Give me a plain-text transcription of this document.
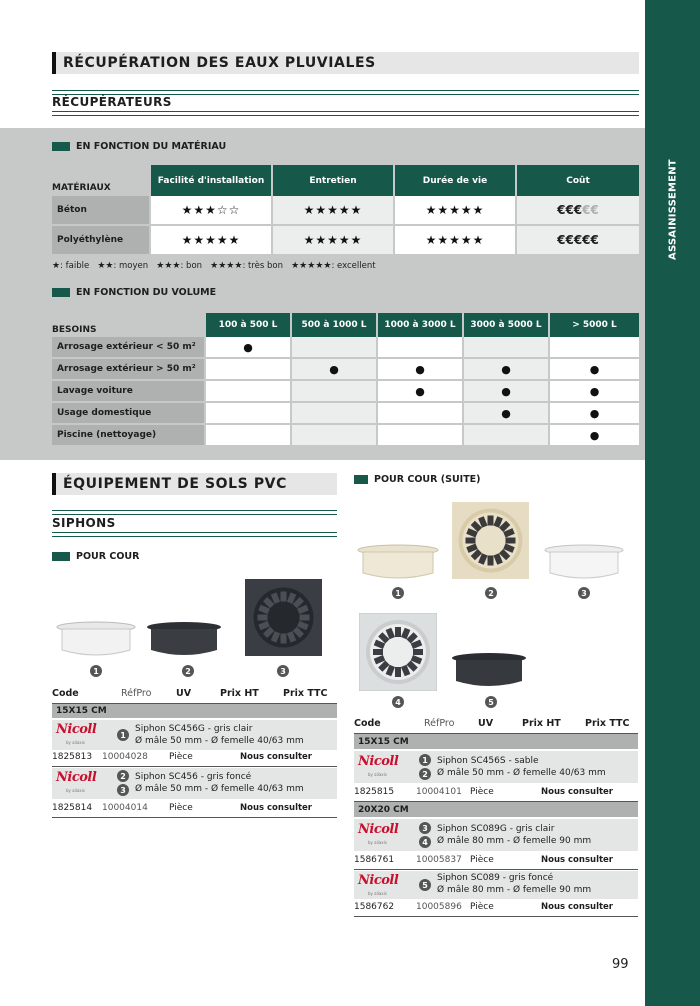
ASSAINISSEMENT
RÉCUPÉRATION DES EAUX PLUVIALES
RÉCUPÉRATEURS
EN FONCTION DU MATÉRIAU
MATÉRIAUX	Facilité d'installation	Entretien	Durée de vie	Coût
Béton	★★★☆☆	★★★★★	★★★★★	€€€€€

Polyéthylène	★★★★★	★★★★★	★★★★★	€€€€€
★: faible ★★: moyen ★★★: bon ★★★★: très bon ★★★★★: excellent
EN FONCTION DU VOLUME
BESOINS	100 à 500 L	500 à 1000 L	1000 à 3000 L	3000 à 5000 L	> 5000 L
Arrosage extérieur < 50 m²	●				

Arrosage extérieur > 50 m²		●	●	●	●

Lavage voiture			●	●	●

Usage domestique				●	●

Piscine (nettoyage)					●
ÉQUIPEMENT DE SOLS PVC
SIPHONS
POUR COUR
1	2	3
Code	RéfPro	UV	Prix HT	Prix TTC
15X15 CM
Nicoll
by aliaxis
1
Siphon SC456G - gris clair
Ø mâle 50 mm - Ø femelle 40/63 mm
1825813 10004028 Pièce	Nous consulter
Nicoll
by aliaxis
2
3
Siphon SC456 - gris foncé
Ø mâle 50 mm - Ø femelle 40/63 mm
1825814 10004014 Pièce	Nous consulter
POUR COUR (SUITE)
1	2	3
4	5
Code	RéfPro UV	Prix HT	Prix TTC
15X15 CM
Nicoll
by aliaxis
1
2
Siphon SC456S - sable
Ø mâle 50 mm - Ø femelle 40/63 mm
1825815 10004101 Pièce	Nous consulter
20X20 CM
Nicoll
by aliaxis
3
4
Siphon SC089G - gris clair
Ø mâle 80 mm - Ø femelle 90 mm
1586761 10005837 Pièce	Nous consulter
Nicoll
by aliaxis
5
Siphon SC089 - gris foncé
Ø mâle 80 mm - Ø femelle 90 mm
1586762 10005896 Pièce	Nous consulter
99
